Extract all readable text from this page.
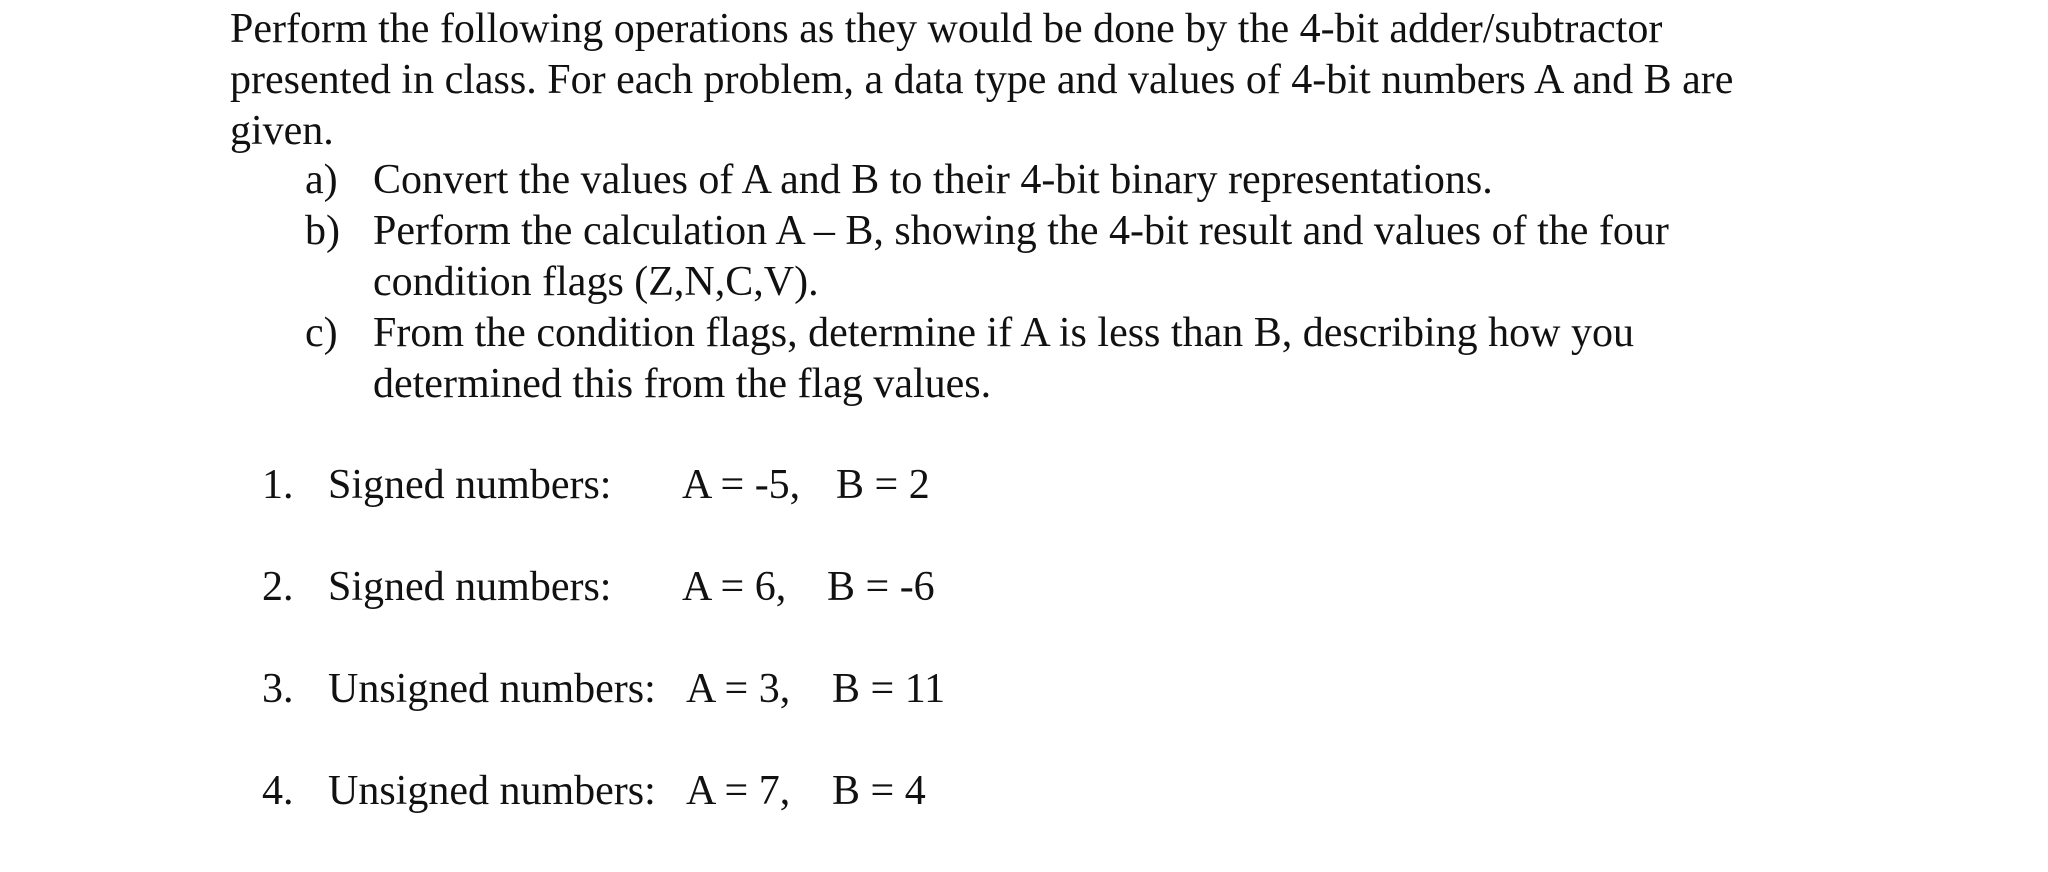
Perform the following operations as they would be done by the 4-bit adder/subtractor
presented in class. For each problem, a data type and values of 4-bit numbers A and B are
given.
a) Convert the values of A and B to their 4-bit binary representations.
b) Perform the calculation A – B, showing the 4-bit result and values of the four
condition flags (Z,N,C,V).
c) From the condition flags, determine if A is less than B, describing how you
determined this from the flag values.
1. Signed numbers: A = -5, B = 2
2. Signed numbers: A = 6, B = -6
3. Unsigned numbers: A = 3, B = 11
4. Unsigned numbers: A = 7, B = 4
